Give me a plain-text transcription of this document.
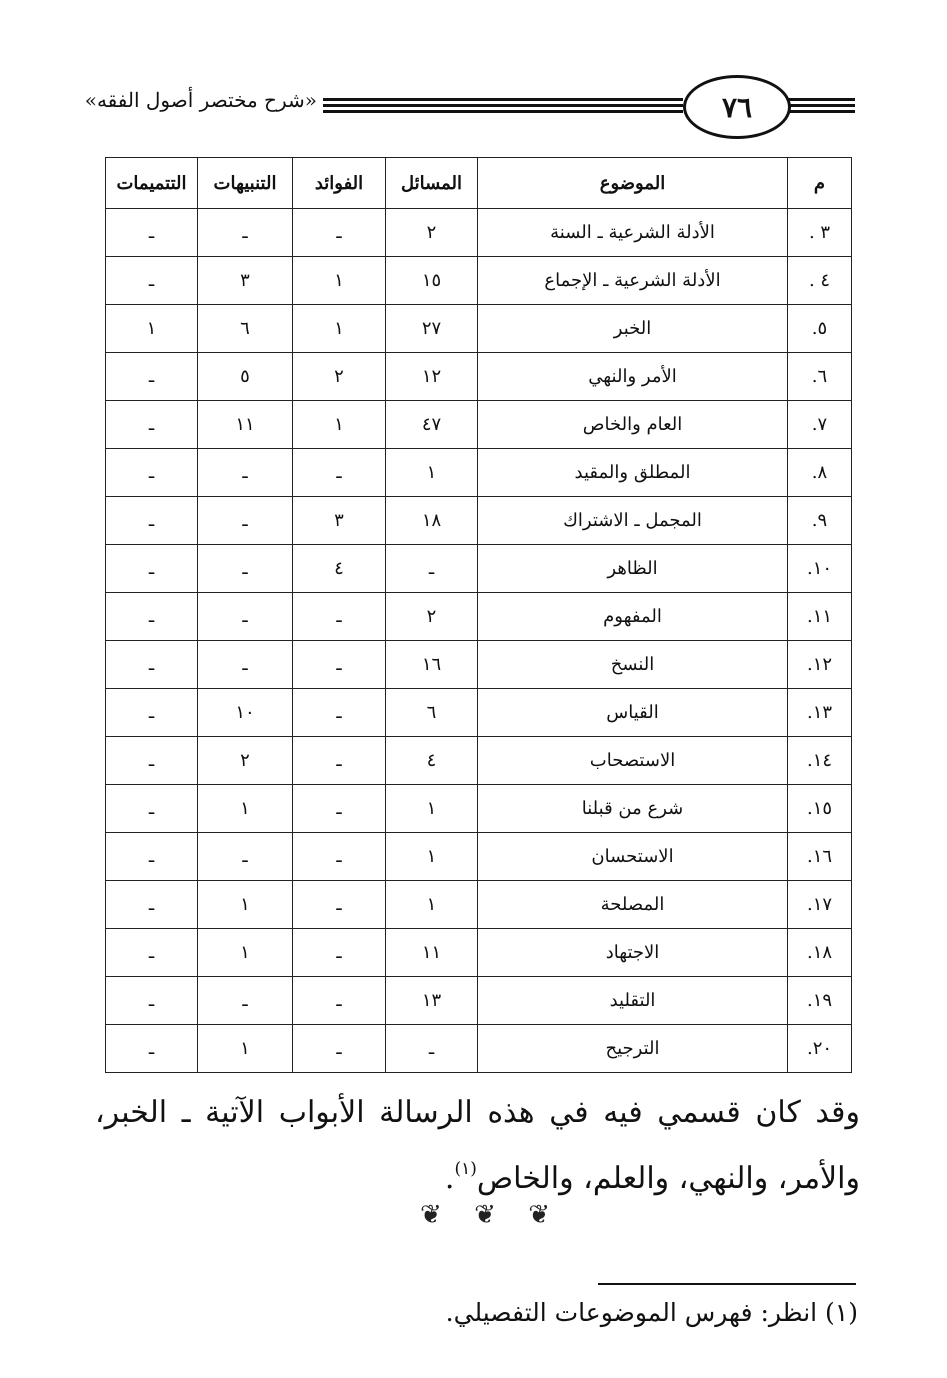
«شرح مختصر أصول الفقه»	٧٦
م	الموضوع	المسائل	الفوائد	التنبيهات	التتميمات
٣ .	الأدلة الشرعية ـ السنة	٢	ـ	ـ	ـ
٤ .	الأدلة الشرعية ـ الإجماع	١٥	١	٣	ـ
٥.	الخبر	٢٧	١	٦	١
٦.	الأمر والنهي	١٢	٢	٥	ـ
٧.	العام والخاص	٤٧	١	١١	ـ
٨.	المطلق والمقيد	١	ـ	ـ	ـ
٩.	المجمل ـ الاشتراك	١٨	٣	ـ	ـ
١٠.	الظاهر	ـ	٤	ـ	ـ
١١.	المفهوم	٢	ـ	ـ	ـ
١٢.	النسخ	١٦	ـ	ـ	ـ
١٣.	القياس	٦	ـ	١٠	ـ
١٤.	الاستصحاب	٤	ـ	٢	ـ
١٥.	شرع من قبلنا	١	ـ	١	ـ
١٦.	الاستحسان	١	ـ	ـ	ـ
١٧.	المصلحة	١	ـ	١	ـ
١٨.	الاجتهاد	١١	ـ	١	ـ
١٩.	التقليد	١٣	ـ	ـ	ـ
٢٠.	الترجيح	ـ	ـ	١	ـ
وقد كان قسمي فيه في هذه الرسالة الأبواب الآتية ـ الخبر، والأمر، والنهي، والعلم، والخاص$^{(١)}$.
❦ ❦ ❦
(١) انظر: فهرس الموضوعات التفصيلي.
